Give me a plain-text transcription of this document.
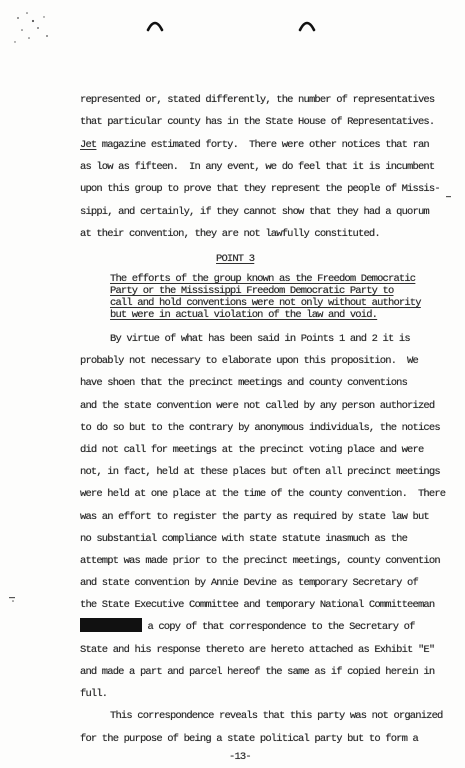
represented or, stated differently, the number of representatives
that particular county has in the State House of Representatives.
Jet magazine estimated forty.  There were other notices that ran
as low as fifteen.  In any event, we do feel that it is incumbent
upon this group to prove that they represent the people of Missis-
sippi, and certainly, if they cannot show that they had a quorum
at their convention, they are not lawfully constituted.
POINT 3
The efforts of the group known as the Freedom Democratic
Party or the Mississippi Freedom Democratic Party to
call and hold conventions were not only without authority
but were in actual violation of the law and void.
By virtue of what has been said in Points 1 and 2 it is
probably not necessary to elaborate upon this proposition.  We
have shoen that the precinct meetings and county conventions
and the state convention were not called by any person authorized
to do so but to the contrary by anonymous individuals, the notices
did not call for meetings at the precinct voting place and were
not, in fact, held at these places but often all precinct meetings
were held at one place at the time of the county convention.  There
was an effort to register the party as required by state law but
no substantial compliance with state statute inasmuch as the
attempt was made prior to the precinct meetings, county convention
and state convention by Annie Devine as temporary Secretary of
the State Executive Committee and temporary National Committeeman
a copy of that correspondence to the Secretary of
State and his response thereto are hereto attached as Exhibit "E"
and made a part and parcel hereof the same as if copied herein in
full.
This correspondence reveals that this party was not organized
for the purpose of being a state political party but to form a
-13-
